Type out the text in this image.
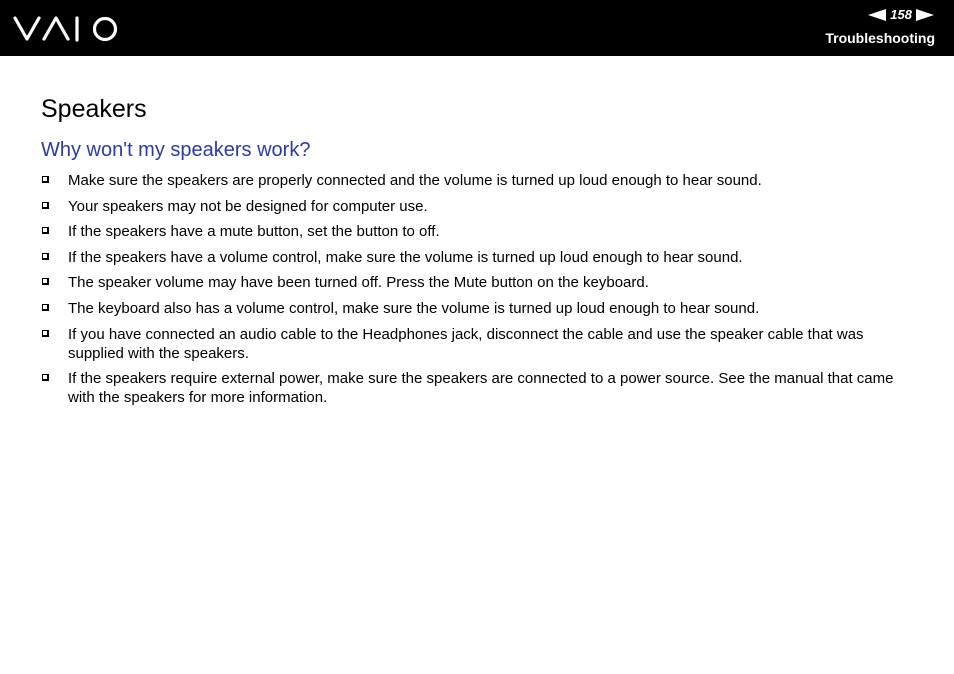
158
Troubleshooting
Speakers
Why won't my speakers work?
Make sure the speakers are properly connected and the volume is turned up loud enough to hear sound.
Your speakers may not be designed for computer use.
If the speakers have a mute button, set the button to off.
If the speakers have a volume control, make sure the volume is turned up loud enough to hear sound.
The speaker volume may have been turned off. Press the Mute button on the keyboard.
The keyboard also has a volume control, make sure the volume is turned up loud enough to hear sound.
If you have connected an audio cable to the Headphones jack, disconnect the cable and use the speaker cable that was supplied with the speakers.
If the speakers require external power, make sure the speakers are connected to a power source. See the manual that came with the speakers for more information.
